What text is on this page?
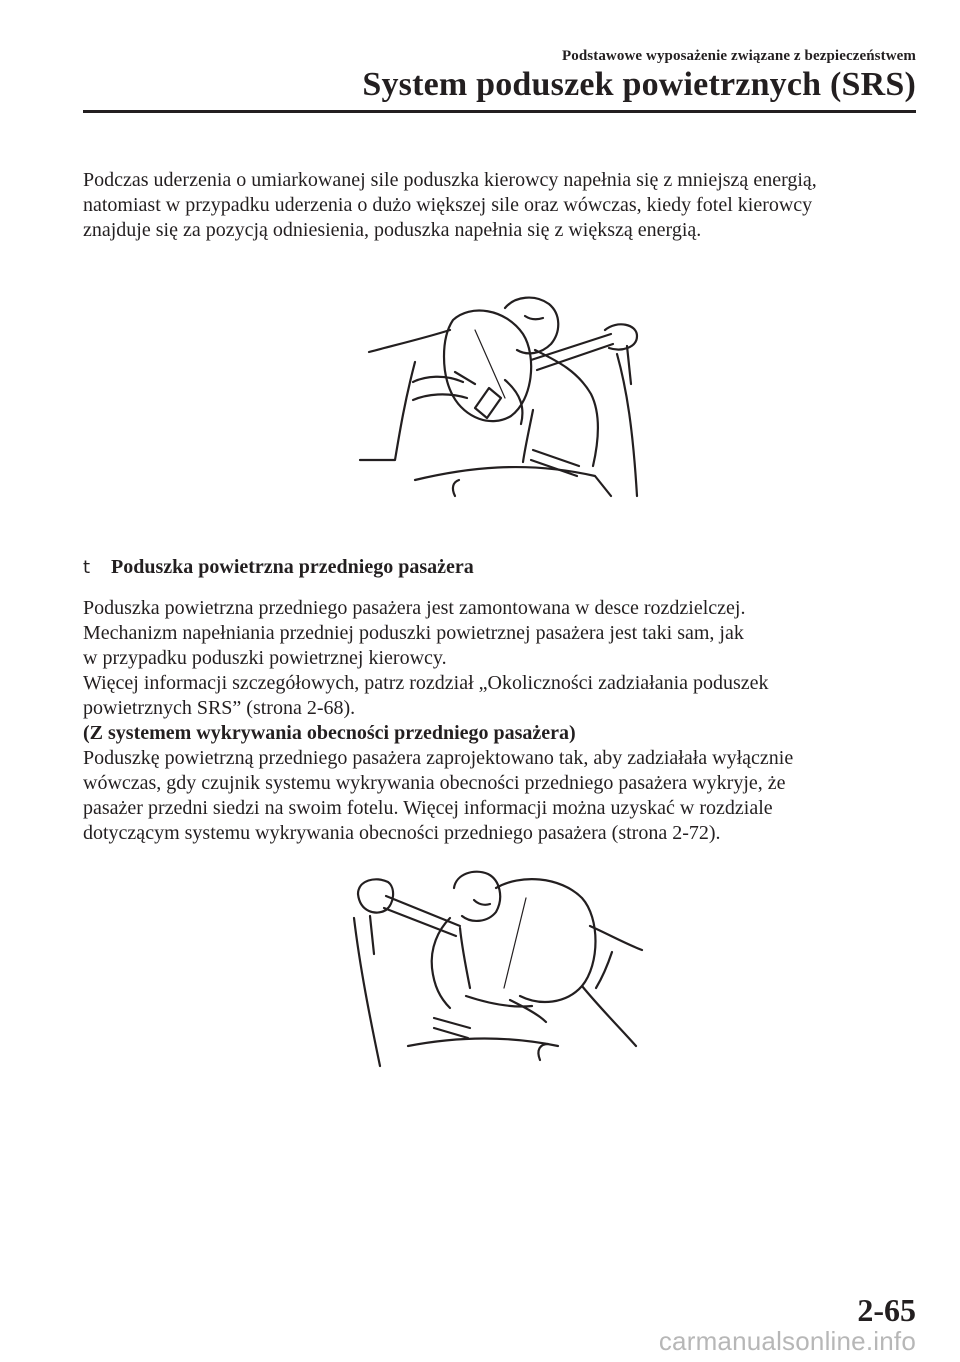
Podstawowe wyposażenie związane z bezpieczeństwem
System poduszek powietrznych (SRS)

Podczas uderzenia o umiarkowanej sile poduszka kierowcy napełnia się z mniejszą energią,
natomiast w przypadku uderzenia o dużo większej sile oraz wówczas, kiedy fotel kierowcy
znajduje się za pozycją odniesienia, poduszka napełnia się z większą energią.

t Poduszka powietrzna przedniego pasażera

Poduszka powietrzna przedniego pasażera jest zamontowana w desce rozdzielczej.
Mechanizm napełniania przedniej poduszki powietrznej pasażera jest taki sam, jak
w przypadku poduszki powietrznej kierowcy.
Więcej informacji szczegółowych, patrz rozdział „Okoliczności zadziałania poduszek
powietrznych SRS” (strona 2-68).
(Z systemem wykrywania obecności przedniego pasażera)
Poduszkę powietrzną przedniego pasażera zaprojektowano tak, aby zadziałała wyłącznie
wówczas, gdy czujnik systemu wykrywania obecności przedniego pasażera wykryje, że
pasażer przedni siedzi na swoim fotelu. Więcej informacji można uzyskać w rozdziale
dotyczącym systemu wykrywania obecności przedniego pasażera (strona 2-72).

2-65
carmanualsonline.info
